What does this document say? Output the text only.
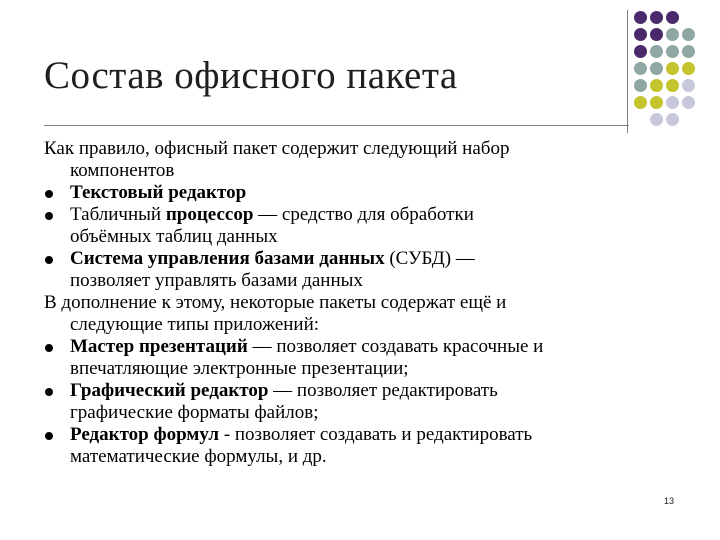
Состав офисного пакета
Как правило, офисный пакет содержит следующий набор
компонентов
Текстовый редактор
Табличный процессор — средство для обработки
объёмных таблиц данных
Система управления базами данных (СУБД) —
позволяет управлять базами данных
В дополнение к этому, некоторые пакеты содержат ещё и
следующие типы приложений:
Мастер презентаций — позволяет создавать красочные и
впечатляющие электронные презентации;
Графический редактор — позволяет редактировать
графические форматы файлов;
Редактор формул - позволяет создавать и редактировать
математические формулы, и др.
13
